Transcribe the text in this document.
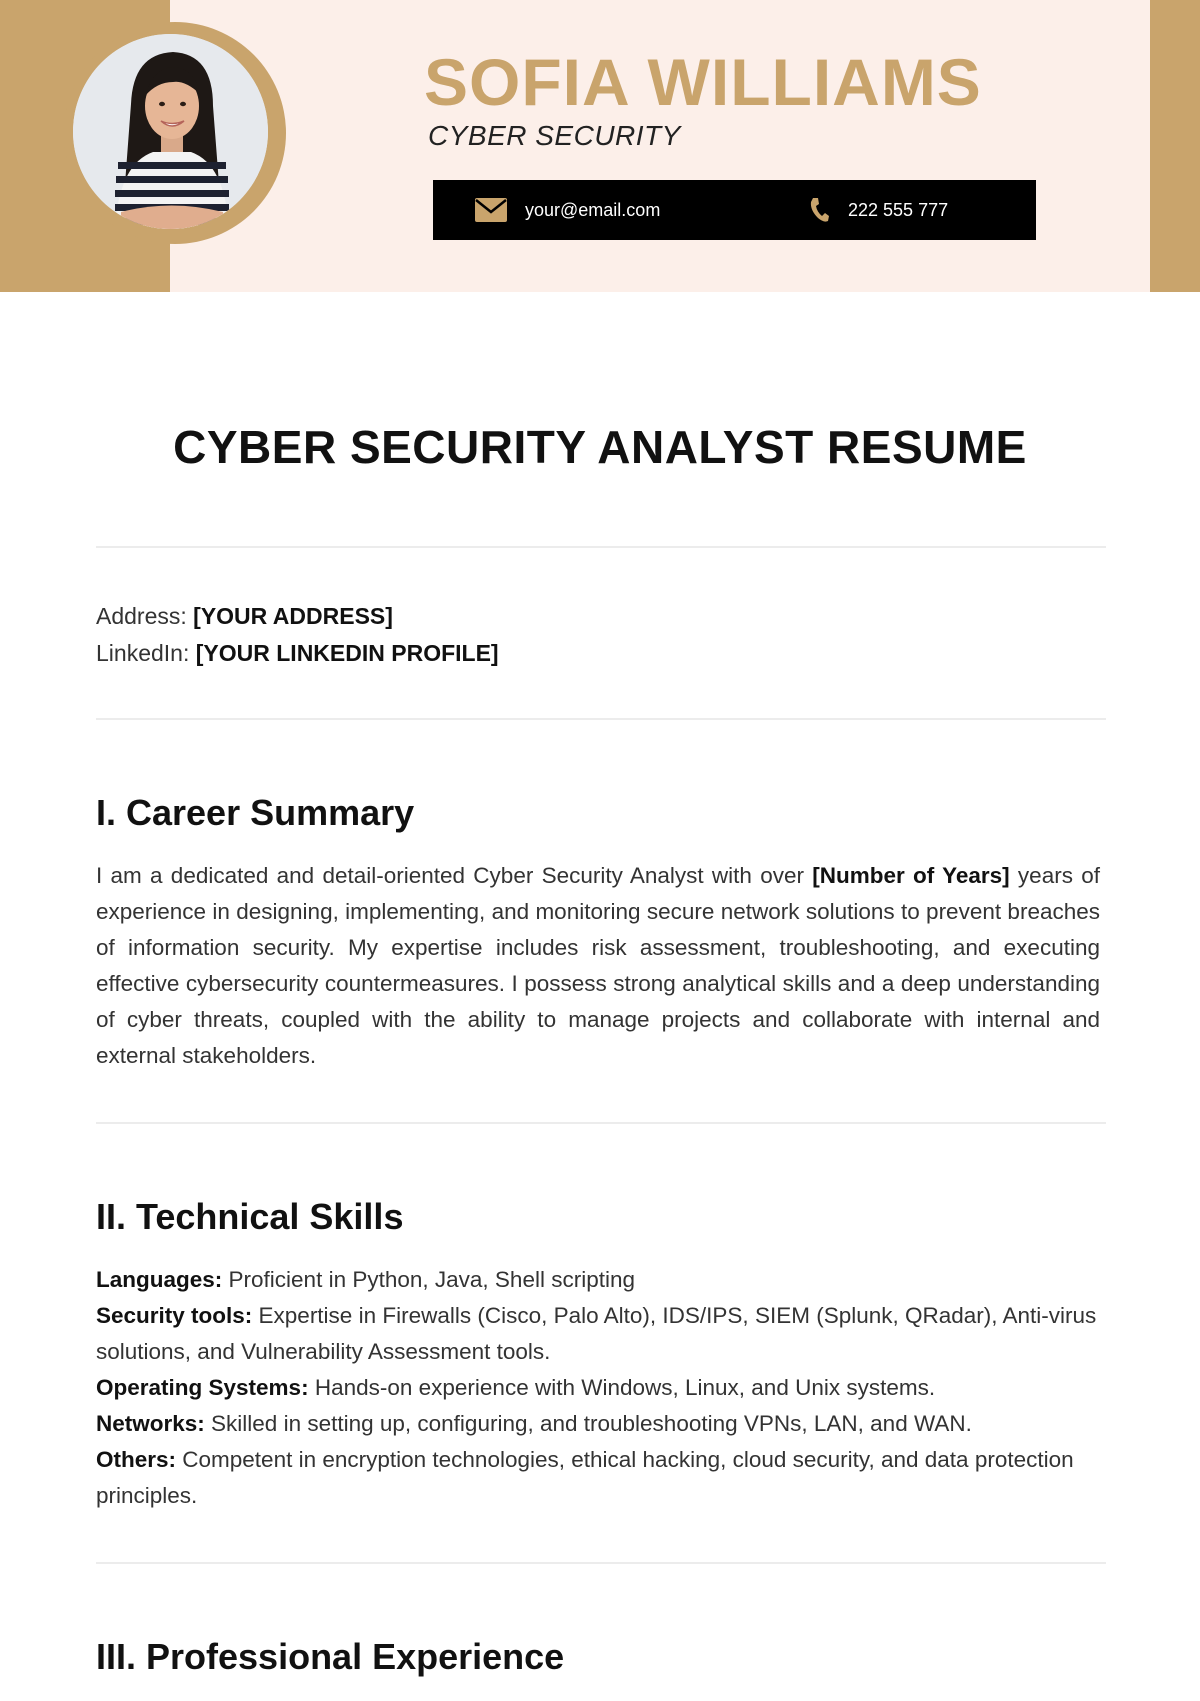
SOFIA WILLIAMS
CYBER SECURITY
your@email.com	222 555 777
CYBER SECURITY ANALYST RESUME
Address: [YOUR ADDRESS]
LinkedIn: [YOUR LINKEDIN PROFILE]
I. Career Summary
I am a dedicated and detail-oriented Cyber Security Analyst with over [Number of Years] years of experience in designing, implementing, and monitoring secure network solutions to prevent breaches of information security. My expertise includes risk assessment, troubleshooting, and executing effective cybersecurity countermeasures. I possess strong analytical skills and a deep understanding of cyber threats, coupled with the ability to manage projects and collaborate with internal and external stakeholders.
II. Technical Skills
Languages: Proficient in Python, Java, Shell scripting
Security tools: Expertise in Firewalls (Cisco, Palo Alto), IDS/IPS, SIEM (Splunk, QRadar), Anti-virus solutions, and Vulnerability Assessment tools.
Operating Systems: Hands-on experience with Windows, Linux, and Unix systems.
Networks: Skilled in setting up, configuring, and troubleshooting VPNs, LAN, and WAN.
Others: Competent in encryption technologies, ethical hacking, cloud security, and data protection principles.
III. Professional Experience
